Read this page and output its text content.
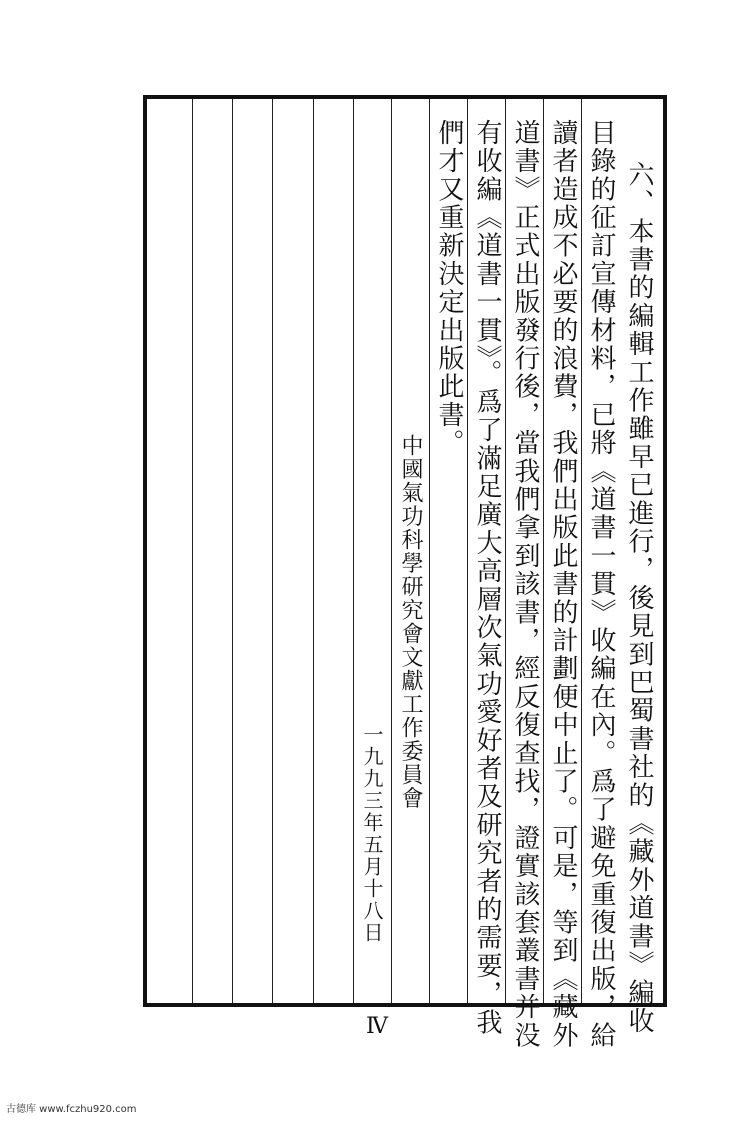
六、本書的編輯工作雖早已進行，後見到巴蜀書社的《藏外道書》編收
目錄的征訂宣傳材料，已將《道書一貫》收編在內。爲了避免重復出版，給
讀者造成不必要的浪費，我們出版此書的計劃便中止了。可是，等到《藏外
道書》正式出版發行後，當我們拿到該書，經反復查找，證實該套叢書并没
有收編《道書一貫》。爲了滿足廣大高層次氣功愛好者及研究者的需要，我
們才又重新決定出版此書。
中國氣功科學研究會文獻工作委員會
一九九三年五月十八日
Ⅳ
古德库 www.fczhu920.com
